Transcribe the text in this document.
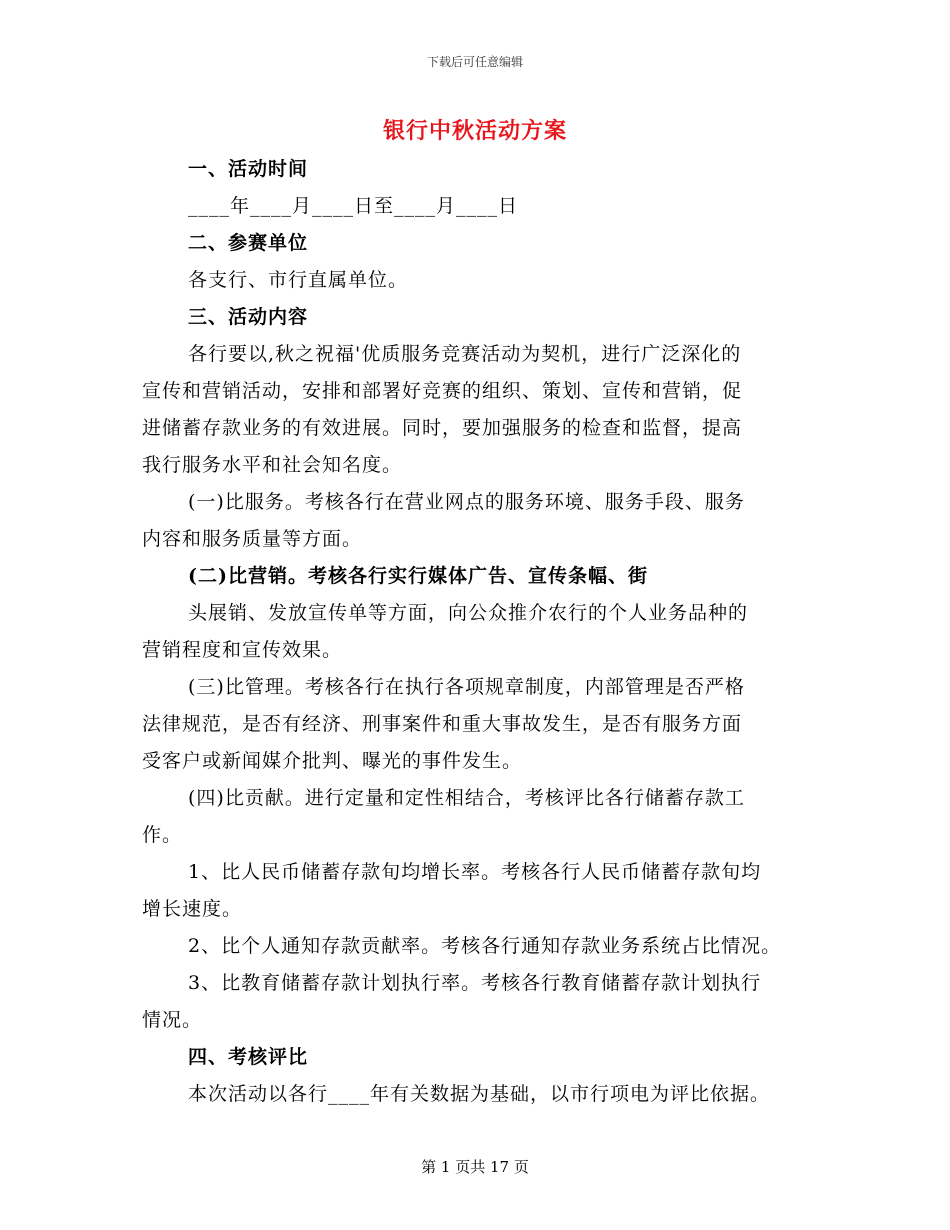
下载后可任意编辑
银行中秋活动方案
一、活动时间
____年____月____日至____月____日
二、参赛单位
各支行、市行直属单位。
三、活动内容
各行要以,秋之祝福'优质服务竞赛活动为契机，进行广泛深化的
宣传和营销活动，安排和部署好竞赛的组织、策划、宣传和营销，促
进储蓄存款业务的有效进展。同时，要加强服务的检查和监督，提高
我行服务水平和社会知名度。
(一)比服务。考核各行在营业网点的服务环境、服务手段、服务
内容和服务质量等方面。
(二)比营销。考核各行实行媒体广告、宣传条幅、街
头展销、发放宣传单等方面，向公众推介农行的个人业务品种的
营销程度和宣传效果。
(三)比管理。考核各行在执行各项规章制度，内部管理是否严格
法律规范，是否有经济、刑事案件和重大事故发生，是否有服务方面
受客户或新闻媒介批判、曝光的事件发生。
(四)比贡献。进行定量和定性相结合，考核评比各行储蓄存款工
作。
1、比人民币储蓄存款旬均增长率。考核各行人民币储蓄存款旬均
增长速度。
2、比个人通知存款贡献率。考核各行通知存款业务系统占比情况。
3、比教育储蓄存款计划执行率。考核各行教育储蓄存款计划执行
情况。
四、考核评比
本次活动以各行____年有关数据为基础，以市行项电为评比依据。
第 1 页共 17 页
